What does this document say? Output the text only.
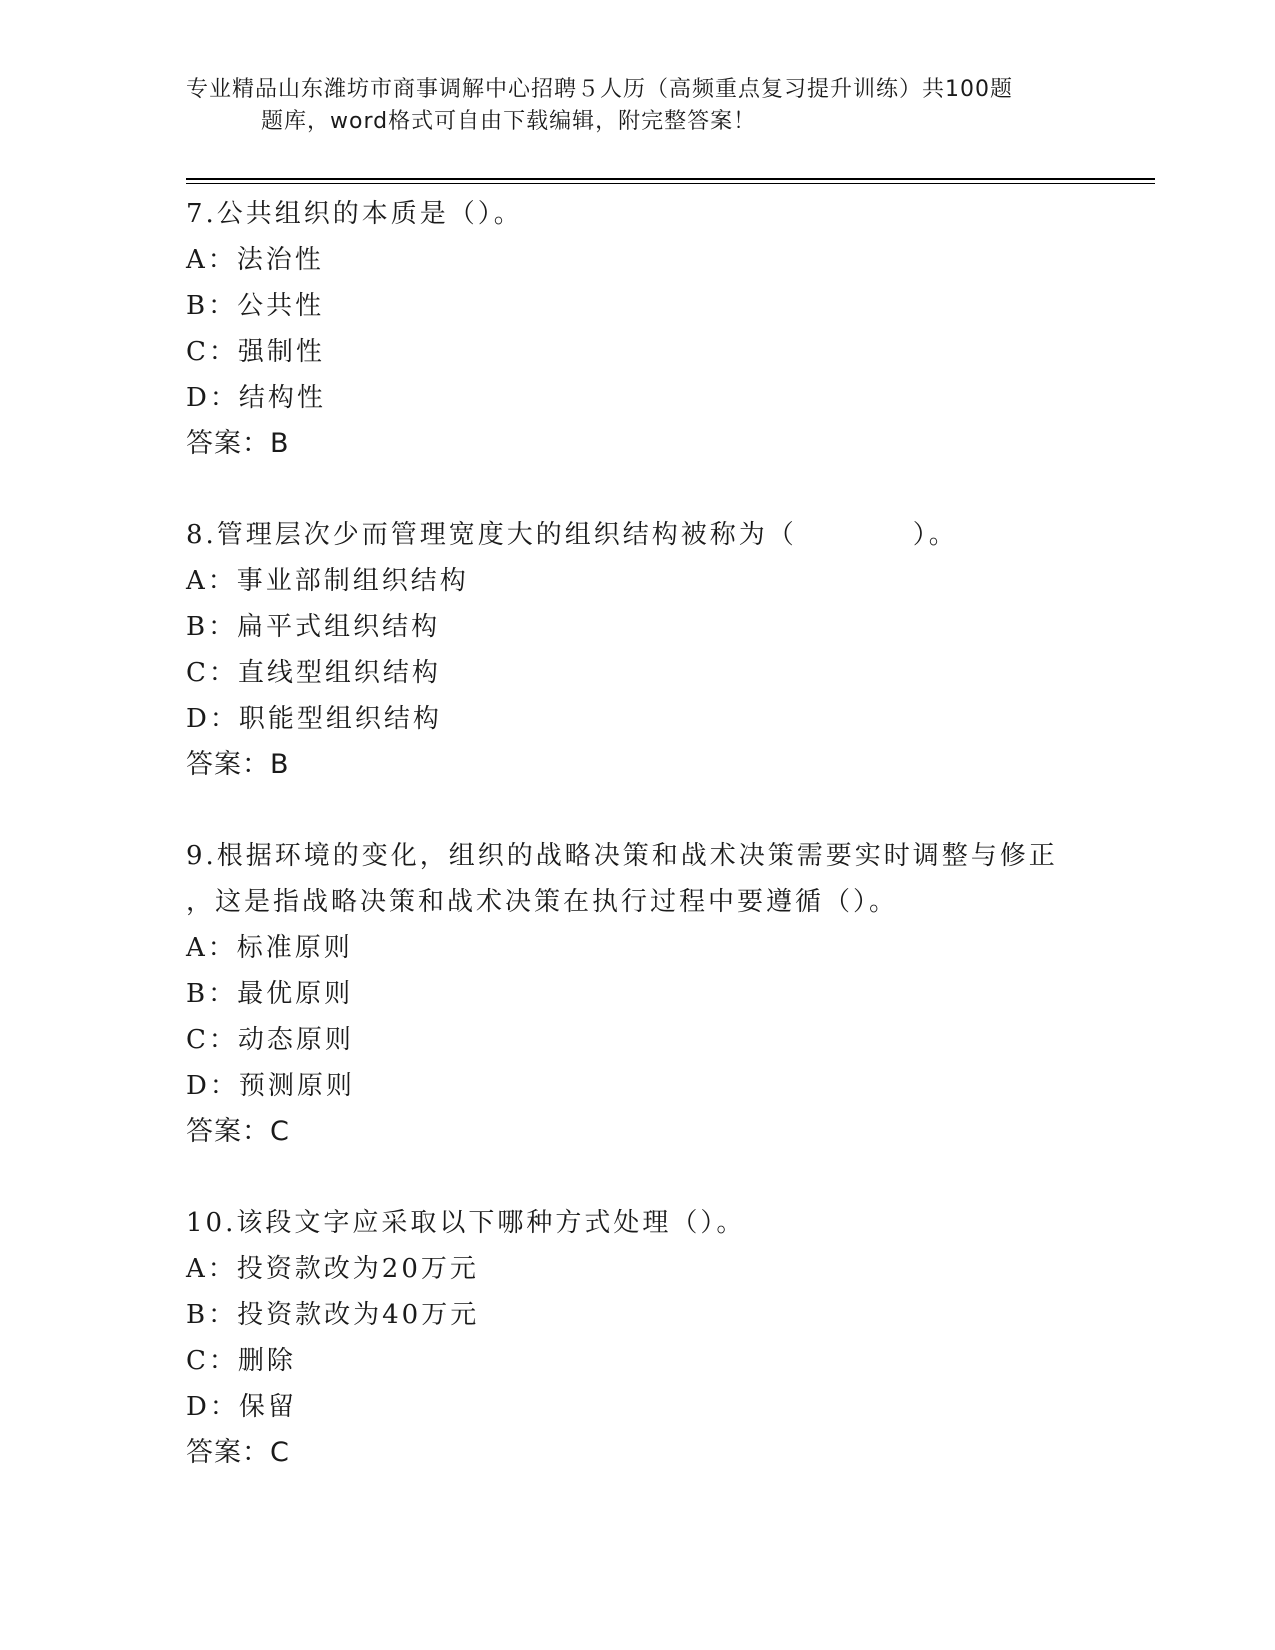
专业精品山东潍坊市商事调解中心招聘５人历（高频重点复习提升训练）共100题
题库，word格式可自由下载编辑，附完整答案！
7.公共组织的本质是（）。
A：法治性
B：公共性
C：强制性
D：结构性
答案：B
8.管理层次少而管理宽度大的组织结构被称为（　　　　）。
A：事业部制组织结构
B：扁平式组织结构
C：直线型组织结构
D：职能型组织结构
答案：B
9.根据环境的变化，组织的战略决策和战术决策需要实时调整与修正
，这是指战略决策和战术决策在执行过程中要遵循（）。
A：标准原则
B：最优原则
C：动态原则
D：预测原则
答案：C
10.该段文字应采取以下哪种方式处理（）。
A：投资款改为20万元
B：投资款改为40万元
C：删除
D：保留
答案：C
